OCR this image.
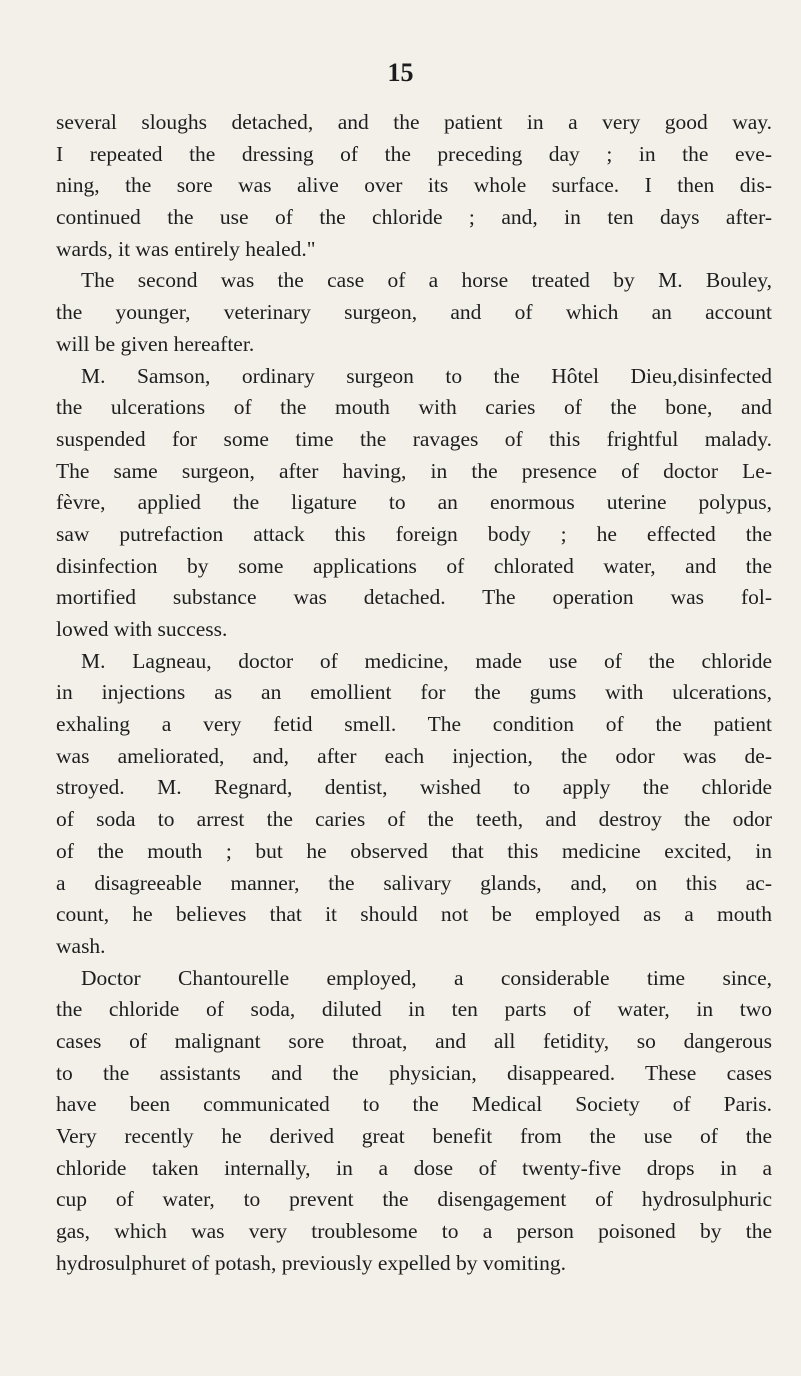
15
several sloughs detached, and the patient in a very good way.
I repeated the dressing of the preceding day ; in the eve-
ning, the sore was alive over its whole surface. I then dis-
continued the use of the chloride ; and, in ten days after-
wards, it was entirely healed."
The second was the case of a horse treated by M. Bouley,
the younger, veterinary surgeon, and of which an account
will be given hereafter.
M. Samson, ordinary surgeon to the Hôtel Dieu,disinfected
the ulcerations of the mouth with caries of the bone, and
suspended for some time the ravages of this frightful malady.
The same surgeon, after having, in the presence of doctor Le-
fèvre, applied the ligature to an enormous uterine polypus,
saw putrefaction attack this foreign body ; he effected the
disinfection by some applications of chlorated water, and the
mortified substance was detached. The operation was fol-
lowed with success.
M. Lagneau, doctor of medicine, made use of the chloride
in injections as an emollient for the gums with ulcerations,
exhaling a very fetid smell. The condition of the patient
was ameliorated, and, after each injection, the odor was de-
stroyed. M. Regnard, dentist, wished to apply the chloride
of soda to arrest the caries of the teeth, and destroy the odor
of the mouth ; but he observed that this medicine excited, in
a disagreeable manner, the salivary glands, and, on this ac-
count, he believes that it should not be employed as a mouth
wash.
Doctor Chantourelle employed, a considerable time since,
the chloride of soda, diluted in ten parts of water, in two
cases of malignant sore throat, and all fetidity, so dangerous
to the assistants and the physician, disappeared. These cases
have been communicated to the Medical Society of Paris.
Very recently he derived great benefit from the use of the
chloride taken internally, in a dose of twenty-five drops in a
cup of water, to prevent the disengagement of hydrosulphuric
gas, which was very troublesome to a person poisoned by the
hydrosulphuret of potash, previously expelled by vomiting.
